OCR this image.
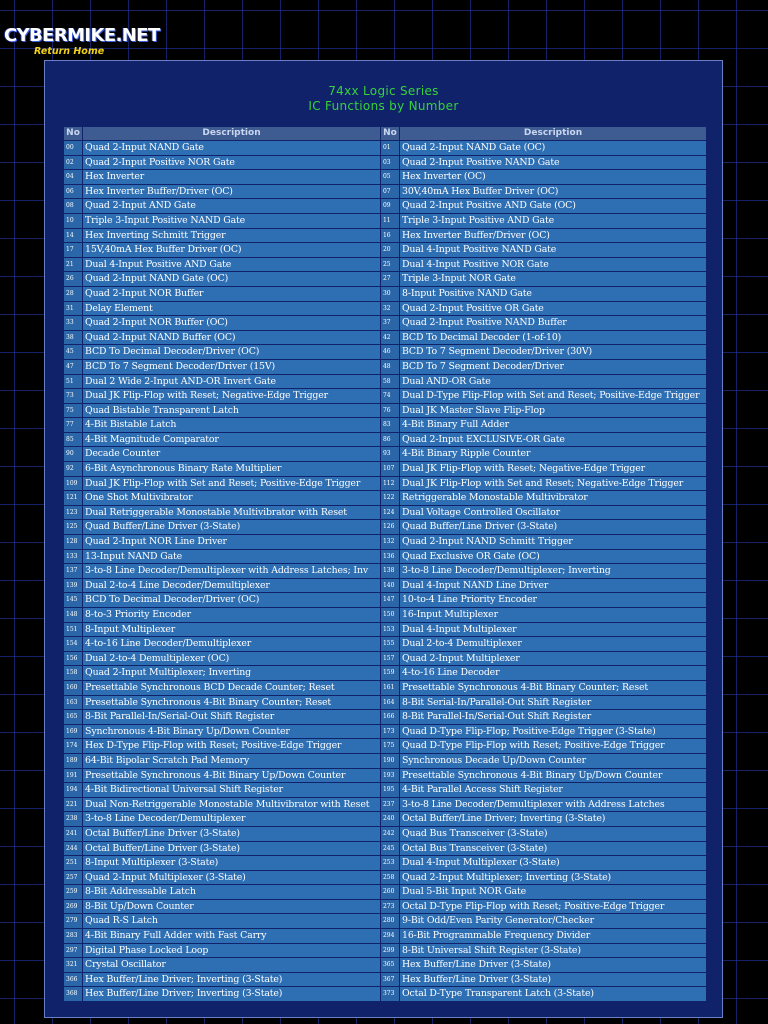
CYBERMIKE.NET
Return Home
74xx Logic Series
IC Functions by Number
No	Description	No	Description
00	Quad 2-Input NAND Gate	01	Quad 2-Input NAND Gate (OC)
02	Quad 2-Input Positive NOR Gate	03	Quad 2-Input Positive NAND Gate
04	Hex Inverter	05	Hex Inverter (OC)
06	Hex Inverter Buffer/Driver (OC)	07	30V,40mA Hex Buffer Driver (OC)
08	Quad 2-Input AND Gate	09	Quad 2-Input Positive AND Gate (OC)
10	Triple 3-Input Positive NAND Gate	11	Triple 3-Input Positive AND Gate
14	Hex Inverting Schmitt Trigger	16	Hex Inverter Buffer/Driver (OC)
17	15V,40mA Hex Buffer Driver (OC)	20	Dual 4-Input Positive NAND Gate
21	Dual 4-Input Positive AND Gate	25	Dual 4-Input Positive NOR Gate
26	Quad 2-Input NAND Gate (OC)	27	Triple 3-Input NOR Gate
28	Quad 2-Input NOR Buffer	30	8-Input Positive NAND Gate
31	Delay Element	32	Quad 2-Input Positive OR Gate
33	Quad 2-Input NOR Buffer (OC)	37	Quad 2-Input Positive NAND Buffer
38	Quad 2-Input NAND Buffer (OC)	42	BCD To Decimal Decoder (1-of-10)
45	BCD To Decimal Decoder/Driver (OC)	46	BCD To 7 Segment Decoder/Driver (30V)
47	BCD To 7 Segment Decoder/Driver (15V)	48	BCD To 7 Segment Decoder/Driver
51	Dual 2 Wide 2-Input AND-OR Invert Gate	58	Dual AND-OR Gate
73	Dual JK Flip-Flop with Reset; Negative-Edge Trigger	74	Dual D-Type Flip-Flop with Set and Reset; Positive-Edge Trigger
75	Quad Bistable Transparent Latch	76	Dual JK Master Slave Flip-Flop
77	4-Bit Bistable Latch	83	4-Bit Binary Full Adder
85	4-Bit Magnitude Comparator	86	Quad 2-Input EXCLUSIVE-OR Gate
90	Decade Counter	93	4-Bit Binary Ripple Counter
92	6-Bit Asynchronous Binary Rate Multiplier	107	Dual JK Flip-Flop with Reset; Negative-Edge Trigger
109	Dual JK Flip-Flop with Set and Reset; Positive-Edge Trigger	112	Dual JK Flip-Flop with Set and Reset; Negative-Edge Trigger
121	One Shot Multivibrator	122	Retriggerable Monostable Multivibrator
123	Dual Retriggerable Monostable Multivibrator with Reset	124	Dual Voltage Controlled Oscillator
125	Quad Buffer/Line Driver (3-State)	126	Quad Buffer/Line Driver (3-State)
128	Quad 2-Input NOR Line Driver	132	Quad 2-Input NAND Schmitt Trigger
133	13-Input NAND Gate	136	Quad Exclusive OR Gate (OC)
137	3-to-8 Line Decoder/Demultiplexer with Address Latches; Inv	138	3-to-8 Line Decoder/Demultiplexer; Inverting
139	Dual 2-to-4 Line Decoder/Demultiplexer	140	Dual 4-Input NAND Line Driver
145	BCD To Decimal Decoder/Driver (OC)	147	10-to-4 Line Priority Encoder
148	8-to-3 Priority Encoder	150	16-Input Multiplexer
151	8-Input Multiplexer	153	Dual 4-Input Multiplexer
154	4-to-16 Line Decoder/Demultiplexer	155	Dual 2-to-4 Demultiplexer
156	Dual 2-to-4 Demultiplexer (OC)	157	Quad 2-Input Multiplexer
158	Quad 2-Input Multiplexer; Inverting	159	4-to-16 Line Decoder
160	Presettable Synchronous BCD Decade Counter; Reset	161	Presettable Synchronous 4-Bit Binary Counter; Reset
163	Presettable Synchronous 4-Bit Binary Counter; Reset	164	8-Bit Serial-In/Parallel-Out Shift Register
165	8-Bit Parallel-In/Serial-Out Shift Register	166	8-Bit Parallel-In/Serial-Out Shift Register
169	Synchronous 4-Bit Binary Up/Down Counter	173	Quad D-Type Flip-Flop; Positive-Edge Trigger (3-State)
174	Hex D-Type Flip-Flop with Reset; Positive-Edge Trigger	175	Quad D-Type Flip-Flop with Reset; Positive-Edge Trigger
189	64-Bit Bipolar Scratch Pad Memory	190	Synchronous Decade Up/Down Counter
191	Presettable Synchronous 4-Bit Binary Up/Down Counter	193	Presettable Synchronous 4-Bit Binary Up/Down Counter
194	4-Bit Bidirectional Universal Shift Register	195	4-Bit Parallel Access Shift Register
221	Dual Non-Retriggerable Monostable Multivibrator with Reset	237	3-to-8 Line Decoder/Demultiplexer with Address Latches
238	3-to-8 Line Decoder/Demultiplexer	240	Octal Buffer/Line Driver; Inverting (3-State)
241	Octal Buffer/Line Driver (3-State)	242	Quad Bus Transceiver (3-State)
244	Octal Buffer/Line Driver (3-State)	245	Octal Bus Transceiver (3-State)
251	8-Input Multiplexer (3-State)	253	Dual 4-Input Multiplexer (3-State)
257	Quad 2-Input Multiplexer (3-State)	258	Quad 2-Input Multiplexer; Inverting (3-State)
259	8-Bit Addressable Latch	260	Dual 5-Bit Input NOR Gate
269	8-Bit Up/Down Counter	273	Octal D-Type Flip-Flop with Reset; Positive-Edge Trigger
279	Quad R-S Latch	280	9-Bit Odd/Even Parity Generator/Checker
283	4-Bit Binary Full Adder with Fast Carry	294	16-Bit Programmable Frequency Divider
297	Digital Phase Locked Loop	299	8-Bit Universal Shift Register (3-State)
321	Crystal Oscillator	365	Hex Buffer/Line Driver (3-State)
366	Hex Buffer/Line Driver; Inverting (3-State)	367	Hex Buffer/Line Driver (3-State)
368	Hex Buffer/Line Driver; Inverting (3-State)	373	Octal D-Type Transparent Latch (3-State)
